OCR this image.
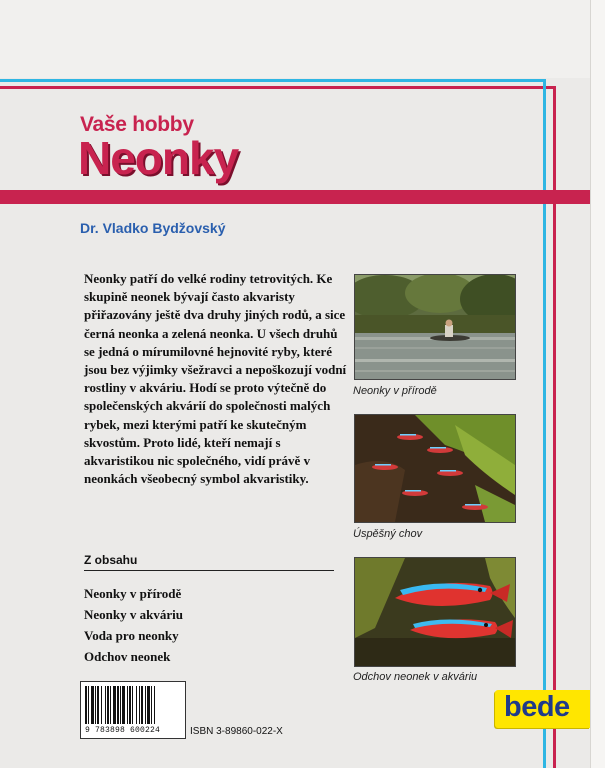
Vaše hobby
Neonky
Dr. Vladko Bydžovský
Neonky patří do velké rodiny tetrovitých. Ke skupině neonek bývají často akvaristy přiřazovány ještě dva druhy jiných rodů, a sice černá neonka a zelená neonka. U všech druhů se jedná o mírumilovné hejnovité ryby, které jsou bez výjimky všežravci a nepoškozují vodní rostliny v akváriu. Hodí se proto výtečně do společenských akvárií do společnosti malých rybek, mezi kterými patří ke skutečným skvostům. Proto lidé, kteří nemají s akvaristikou nic společného, vidí právě v neonkách všeobecný symbol akvaristiky.
Z obsahu
Neonky v přírodě
Neonky v akváriu
Voda pro neonky
Odchov neonek
Neonky v přírodě
Úspěšný chov
Odchov neonek v akváriu
9 783898 600224	ISBN 3-89860-022-X
bede
